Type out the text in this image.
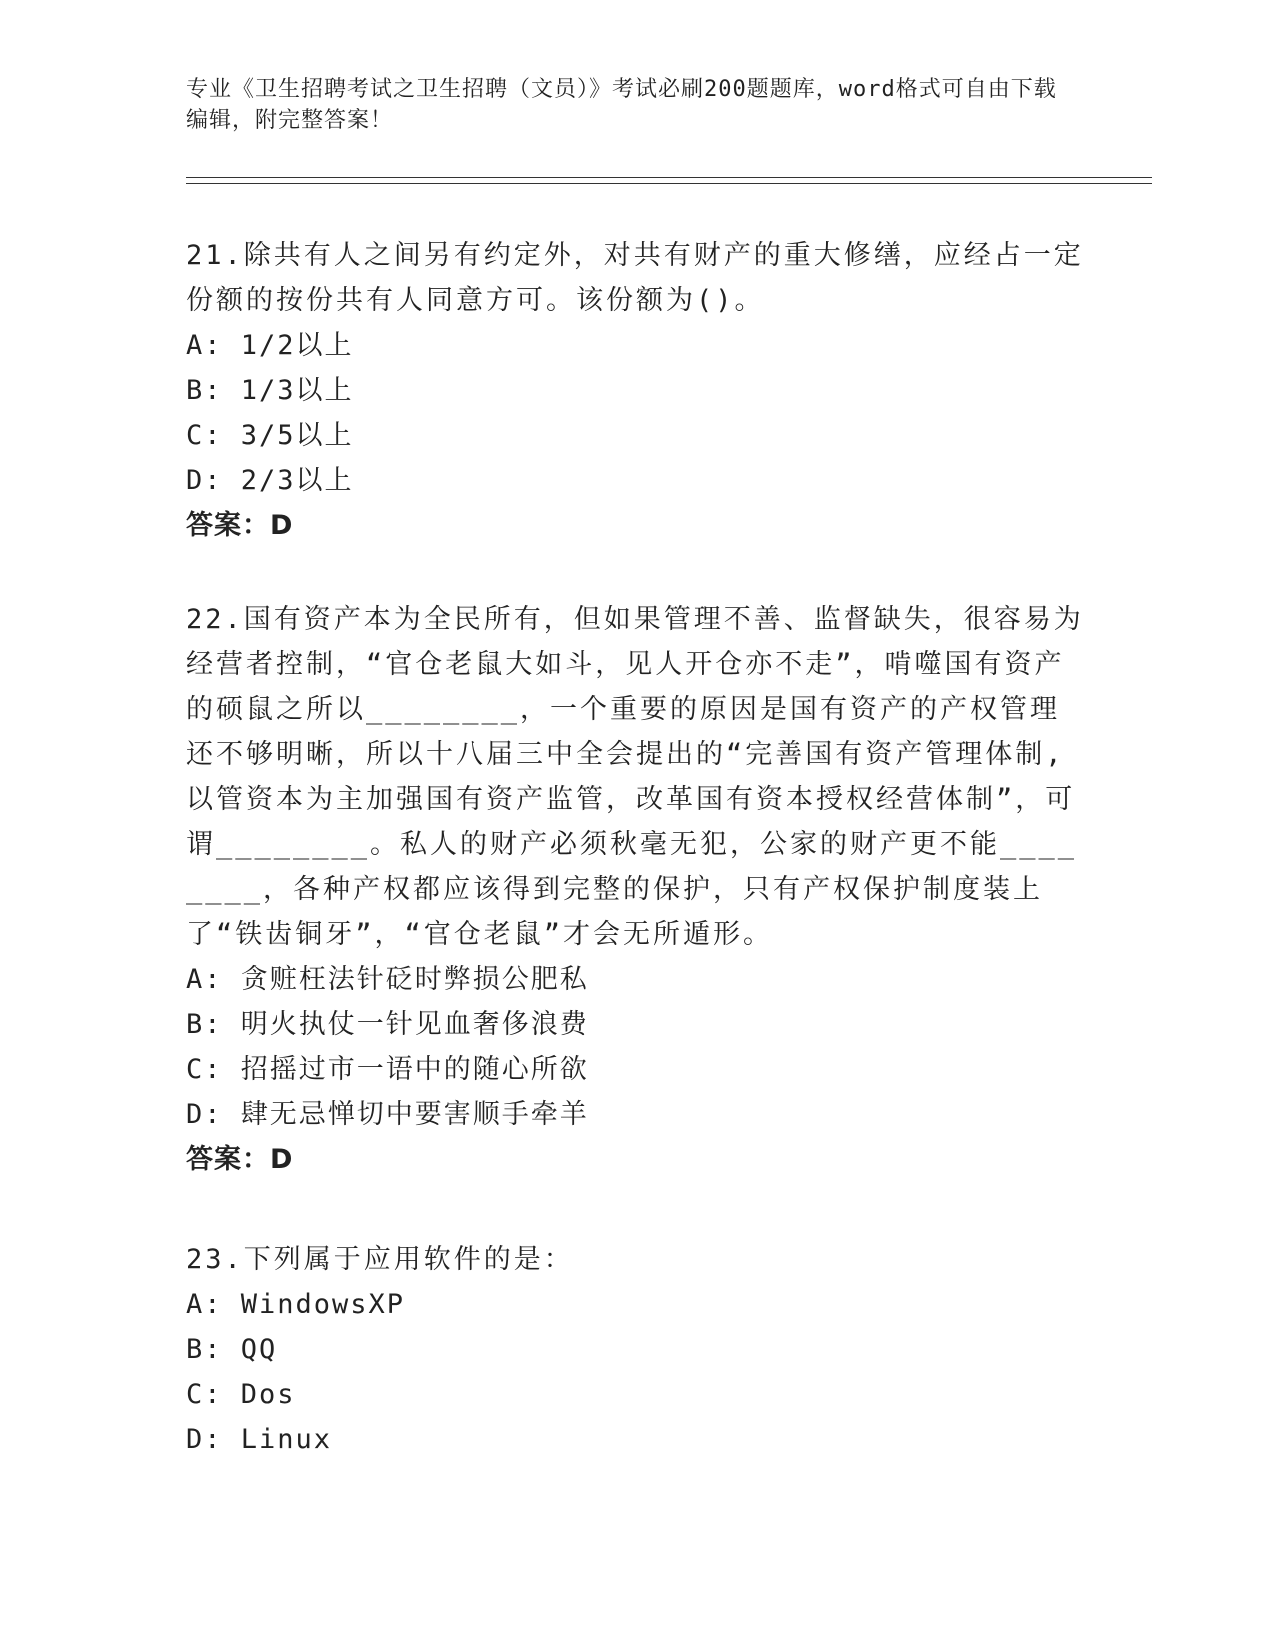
专业《卫生招聘考试之卫生招聘（文员）》考试必刷200题题库，word格式可自由下载编辑，附完整答案！

21.除共有人之间另有约定外，对共有财产的重大修缮，应经占一定份额的按份共有人同意方可。该份额为()。

A: 1/2以上

B: 1/3以上

C: 3/5以上

D: 2/3以上

答案：D

22.国有资产本为全民所有，但如果管理不善、监督缺失，很容易为经营者控制，“官仓老鼠大如斗，见人开仓亦不走”，啃噬国有资产的硕鼠之所以________，一个重要的原因是国有资产的产权管理还不够明晰，所以十八届三中全会提出的“完善国有资产管理体制,以管资本为主加强国有资产监管，改革国有资本授权经营体制”，可谓________。私人的财产必须秋毫无犯，公家的财产更不能________，各种产权都应该得到完整的保护，只有产权保护制度装上了“铁齿铜牙”，“官仓老鼠”才会无所遁形。

A: 贪赃枉法针砭时弊损公肥私

B: 明火执仗一针见血奢侈浪费

C: 招摇过市一语中的随心所欲

D: 肆无忌惮切中要害顺手牵羊

答案：D

23.下列属于应用软件的是：

A: WindowsXP

B: QQ

C: Dos

D: Linux
